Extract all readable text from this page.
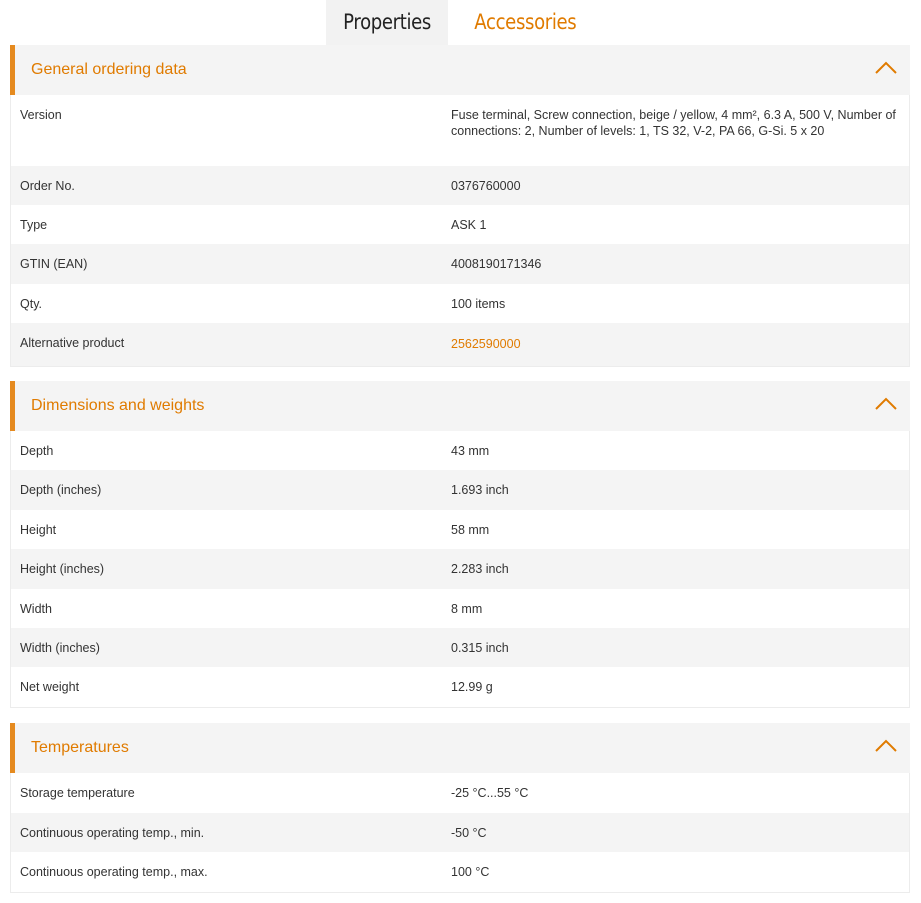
Properties	Accessories
General ordering data
Version	Fuse terminal, Screw connection, beige / yellow, 4 mm², 6.3 A, 500 V, Number of connections: 2, Number of levels: 1, TS 32, V-2, PA 66, G-Si. 5 x 20
Order No.	0376760000
Type	ASK 1
GTIN (EAN)	4008190171346
Qty.	100 items
Alternative product	2562590000
Dimensions and weights
Depth	43 mm
Depth (inches)	1.693 inch
Height	58 mm
Height (inches)	2.283 inch
Width	8 mm
Width (inches)	0.315 inch
Net weight	12.99 g
Temperatures
Storage temperature	-25 °C...55 °C
Continuous operating temp., min.	-50 °C
Continuous operating temp., max.	100 °C
